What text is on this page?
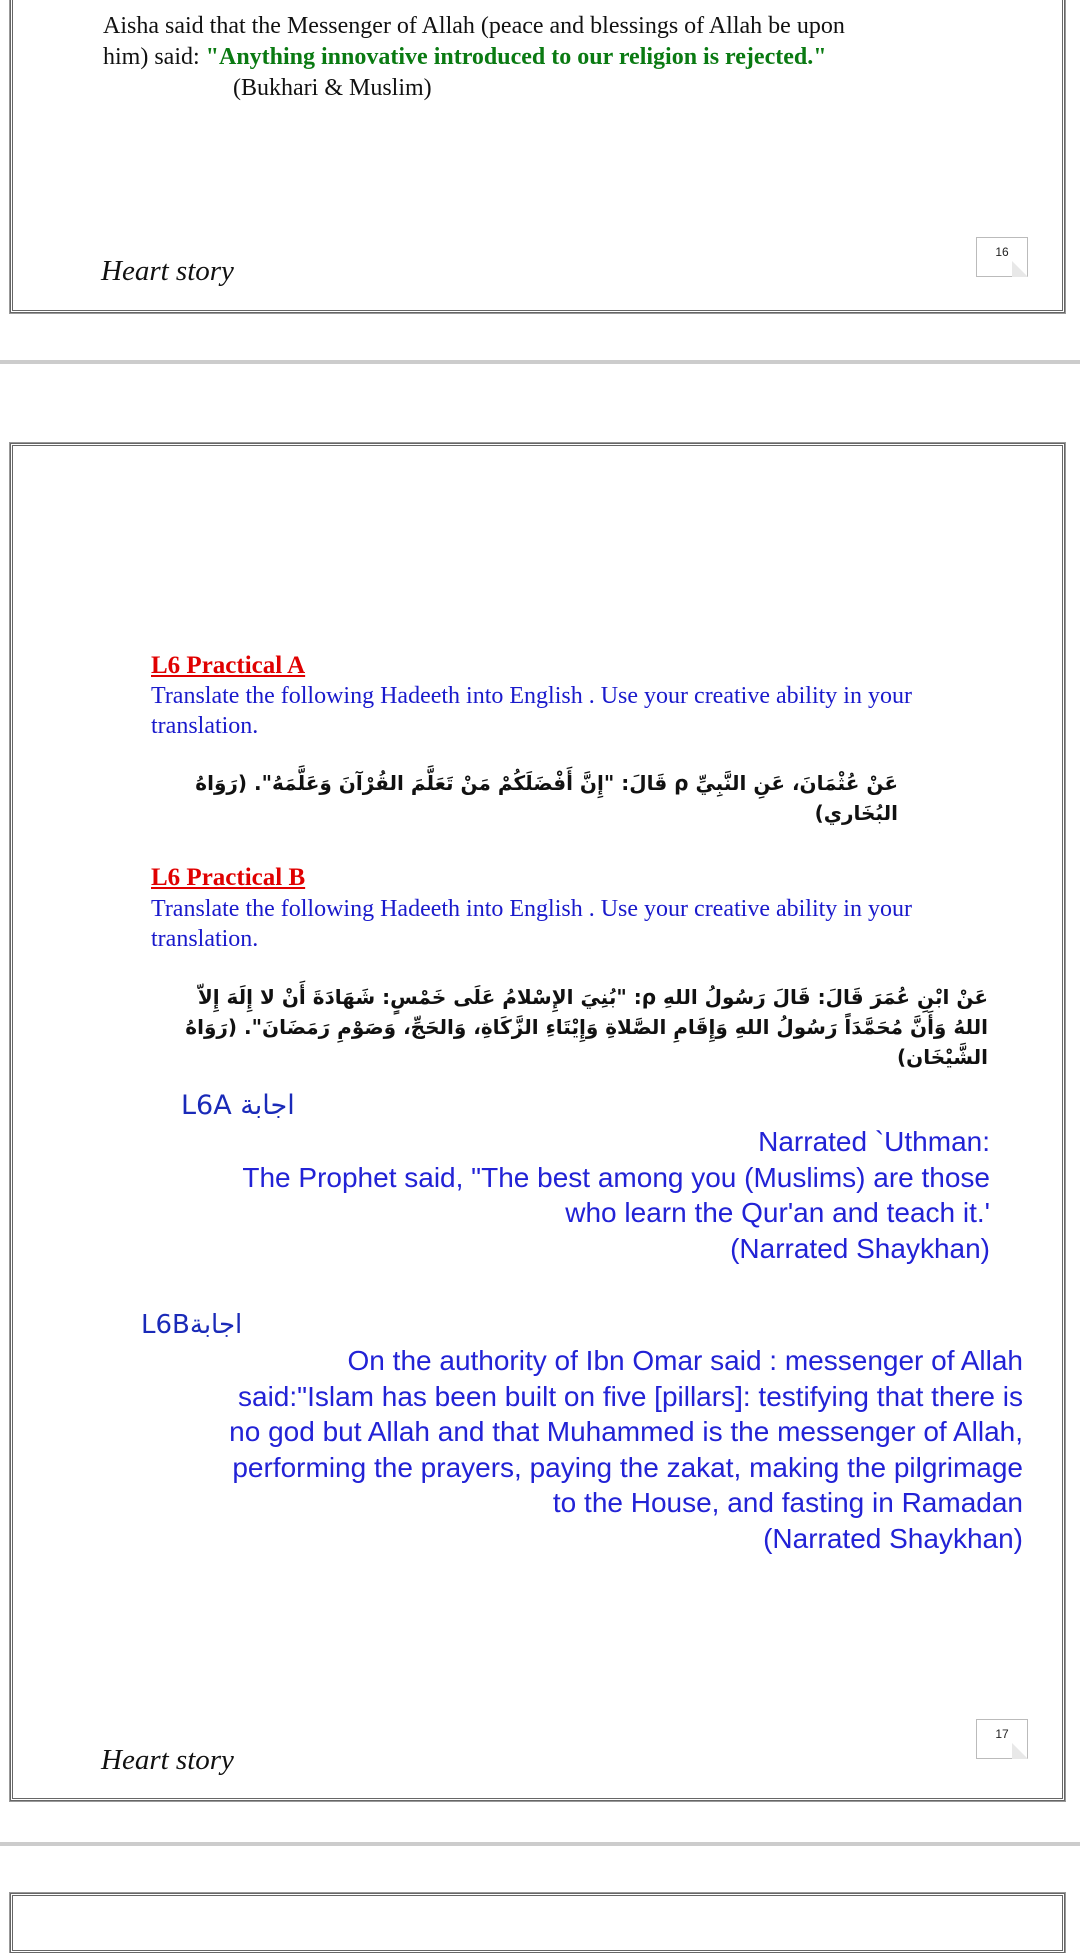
Aisha said that the Messenger of Allah (peace and blessings of Allah be upon him) said: "Anything innovative introduced to our religion is rejected." (Bukhari & Muslim)
Heart story
16
L6 Practical A
Translate the following Hadeeth into English . Use your creative ability in your translation.
عَنْ عُثْمَانَ، عَنِ النَّبِيِّ ρ قَالَ: "إِنَّ أَفْضَلَكُمْ مَنْ تَعَلَّمَ القُرْآنَ وَعَلَّمَهُ". (رَوَاهُ البُخَاري)
L6 Practical B
Translate the following Hadeeth into English . Use your creative ability in your translation.
عَنْ ابْنِ عُمَرَ قَالَ: قَالَ رَسُولُ اللهِ ρ: "بُنِيَ الإِسْلامُ عَلَى خَمْسٍ: شَهَادَةَ أَنْ لا إِلَهَ إِلاّ اللهُ وَأَنَّ مُحَمَّدَاً رَسُولُ اللهِ وَإِقَامِ الصَّلاةِ وَإِيْتَاءِ الزَّكَاةِ، وَالحَجِّ، وَصَوْمِ رَمَضَانَ". (رَوَاهُ الشَّيْخَان)
L6A اجابة
Narrated `Uthman:
The Prophet said, "The best among you (Muslims) are those
who learn the Qur'an and teach it.'
(Narrated Shaykhan)
L6Bاجابة
On the authority of Ibn Omar said : messenger of Allah
said:"Islam has been built on five [pillars]: testifying that there is
no god but Allah and that Muhammed is the messenger of Allah,
performing the prayers, paying the zakat, making the pilgrimage
to the House, and fasting in Ramadan
(Narrated Shaykhan)
Heart story
17
